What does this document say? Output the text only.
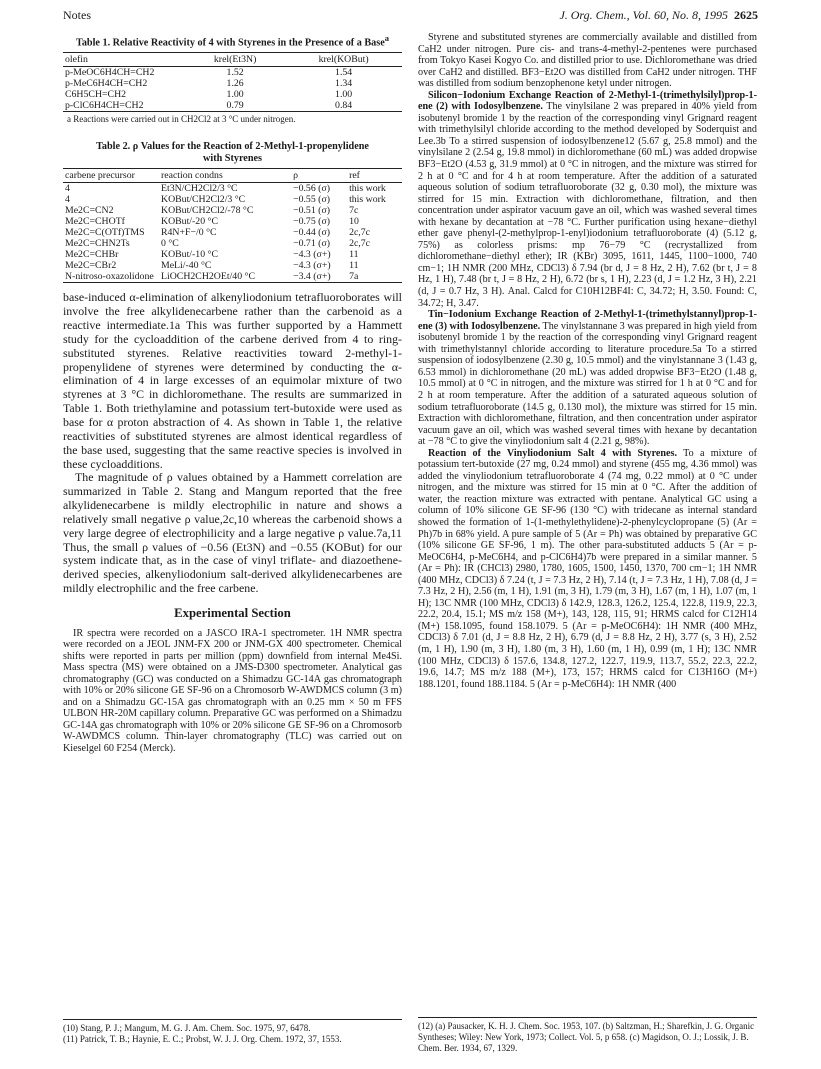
Notes	J. Org. Chem., Vol. 60, No. 8, 1995 2625
Table 1. Relative Reactivity of 4 with Styrenes in the Presence of a Base$^a$
olefin	krel(Et3N)	krel(KOBut)
p-MeOC6H4CH=CH2	1.52	1.54
p-MeC6H4CH=CH2	1.26	1.34
C6H5CH=CH2	1.00	1.00
p-ClC6H4CH=CH2	0.79	0.84
a Reactions were carried out in CH2Cl2 at 3 °C under nitrogen.
Table 2. ρ Values for the Reaction of 2-Methyl-1-propenylidene with Styrenes
carbene precursor	reaction condns	ρ	ref
4	Et3N/CH2Cl2/3 °C	−0.56 (σ)	this work
4	KOBut/CH2Cl2/3 °C	−0.55 (σ)	this work
Me2C=CN2	KOBut/CH2Cl2/-78 °C	−0.51 (σ)	7c
Me2C=CHOTf	KOBut/-20 °C	−0.75 (σ)	10
Me2C=C(OTf)TMS	R4N+F−/0 °C	−0.44 (σ)	2c,7c
Me2C=CHN2Ts	0 °C	−0.71 (σ)	2c,7c
Me2C=CHBr	KOBut/-10 °C	−4.3 (σ+)	11
Me2C=CBr2	MeLi/-40 °C	−4.3 (σ+)	11
N-nitroso-oxazolidone	LiOCH2CH2OEt/40 °C	−3.4 (σ+)	7a

base-induced α-elimination of alkenyliodonium tetrafluoroborates will involve the free alkylidenecarbene rather than the carbenoid as a reactive intermediate.1a This was further supported by a Hammett study for the cycloaddition of the carbene derived from 4 to ring-substituted styrenes. Relative reactivities toward 2-methyl-1-propenylidene of styrenes were determined by conducting the α-elimination of 4 in large excesses of an equimolar mixture of two styrenes at 3 °C in dichloromethane. The results are summarized in Table 1. Both triethylamine and potassium tert-butoxide were used as base for α proton abstraction of 4. As shown in Table 1, the relative reactivities of substituted styrenes are almost identical regardless of the base used, suggesting that the same reactive species is involved in these cycloadditions.

The magnitude of ρ values obtained by a Hammett correlation are summarized in Table 2. Stang and Mangum reported that the free alkylidenecarbene is mildly electrophilic in nature and shows a relatively small negative ρ value,2c,10 whereas the carbenoid shows a very large degree of electrophilicity and a large negative ρ value.7a,11 Thus, the small ρ values of −0.56 (Et3N) and −0.55 (KOBut) for our system indicate that, as in the case of vinyl triflate- and diazoethene-derived species, alkenyliodonium salt-derived alkylidenecarbenes are mildly electrophilic and the free carbene.

Experimental Section

IR spectra were recorded on a JASCO IRA-1 spectrometer. 1H NMR spectra were recorded on a JEOL JNM-FX 200 or JNM-GX 400 spectrometer. Chemical shifts were reported in parts per million (ppm) downfield from internal Me4Si. Mass spectra (MS) were obtained on a JMS-D300 spectrometer. Analytical gas chromatography (GC) was conducted on a Shimadzu GC-14A gas chromatograph with 10% or 20% silicone GE SF-96 on a Chromosorb W-AWDMCS column (3 m) and on a Shimadzu GC-15A gas chromatograph with an 0.25 mm × 50 m FFS ULBON HR-20M capillary column. Preparative GC was performed on a Shimadzu GC-14A gas chromatograph with 10% or 20% silicone GE SF-96 on a Chromosorb W-AWDMCS column. Thin-layer chromatography (TLC) was carried out on Kieselgel 60 F254 (Merck).

(10) Stang, P. J.; Mangum, M. G. J. Am. Chem. Soc. 1975, 97, 6478.
(11) Patrick, T. B.; Haynie, E. C.; Probst, W. J. J. Org. Chem. 1972, 37, 1553.

Styrene and substituted styrenes are commercially available and distilled from CaH2 under nitrogen. Pure cis- and trans-4-methyl-2-pentenes were purchased from Tokyo Kasei Kogyo Co. and distilled prior to use. Dichloromethane was dried over CaH2 and distilled. BF3−Et2O was distilled from CaH2 under nitrogen. THF was distilled from sodium benzophenone ketyl under nitrogen.

Silicon−Iodonium Exchange Reaction of 2-Methyl-1-(trimethylsilyl)prop-1-ene (2) with Iodosylbenzene. The vinylsilane 2 was prepared in 40% yield from isobutenyl bromide 1 by the reaction of the corresponding vinyl Grignard reagent with trimethylsilyl chloride according to the method developed by Soderquist and Lee.3b To a stirred suspension of iodosylbenzene12 (5.67 g, 25.8 mmol) and the vinylsilane 2 (2.54 g, 19.8 mmol) in dichloromethane (60 mL) was added dropwise BF3−Et2O (4.53 g, 31.9 mmol) at 0 °C in nitrogen, and the mixture was stirred for 2 h at 0 °C and for 4 h at room temperature. After the addition of a saturated aqueous solution of sodium tetrafluoroborate (32 g, 0.30 mol), the mixture was stirred for 15 min. Extraction with dichloromethane, filtration, and then concentration under aspirator vacuum gave an oil, which was washed several times with hexane by decantation at −78 °C. Further purification using hexane−diethyl ether gave phenyl-(2-methylprop-1-enyl)iodonium tetrafluoroborate (4) (5.12 g, 75%) as colorless prisms: mp 76−79 °C (recrystallized from dichloromethane−diethyl ether); IR (KBr) 3095, 1611, 1445, 1100−1000, 740 cm−1; 1H NMR (200 MHz, CDCl3) δ 7.94 (br d, J = 8 Hz, 2 H), 7.62 (br t, J = 8 Hz, 1 H), 7.48 (br t, J = 8 Hz, 2 H), 6.72 (br s, 1 H), 2.23 (d, J = 1.2 Hz, 3 H), 2.21 (d, J = 0.7 Hz, 3 H). Anal. Calcd for C10H12BF4I: C, 34.72; H, 3.50. Found: C, 34.72; H, 3.47.

Tin−Iodonium Exchange Reaction of 2-Methyl-1-(trimethylstannyl)prop-1-ene (3) with Iodosylbenzene. The vinylstannane 3 was prepared in high yield from isobutenyl bromide 1 by the reaction of the corresponding vinyl Grignard reagent with trimethylstannyl chloride according to literature procedure.5a To a stirred suspension of iodosylbenzene (2.30 g, 10.5 mmol) and the vinylstannane 3 (1.43 g, 6.53 mmol) in dichloromethane (20 mL) was added dropwise BF3−Et2O (1.48 g, 10.5 mmol) at 0 °C in nitrogen, and the mixture was stirred for 1 h at 0 °C and for 2 h at room temperature. After the addition of a saturated aqueous solution of sodium tetrafluoroborate (14.5 g, 0.130 mol), the mixture was stirred for 15 min. Extraction with dichloromethane, filtration, and then concentration under aspirator vacuum gave an oil, which was washed several times with hexane by decantation at −78 °C to give the vinyliodonium salt 4 (2.21 g, 98%).

Reaction of the Vinyliodonium Salt 4 with Styrenes. To a mixture of potassium tert-butoxide (27 mg, 0.24 mmol) and styrene (455 mg, 4.36 mmol) was added the vinyliodonium tetrafluoroborate 4 (74 mg, 0.22 mmol) at 0 °C under nitrogen, and the mixture was stirred for 15 min at 0 °C. After the addition of water, the reaction mixture was extracted with pentane. Analytical GC using a column of 10% silicone GE SF-96 (130 °C) with tridecane as internal standard showed the formation of 1-(1-methylethylidene)-2-phenylcyclopropane (5) (Ar = Ph)7b in 68% yield. A pure sample of 5 (Ar = Ph) was obtained by preparative GC (10% silicone GE SF-96, 1 m). The other para-substituted adducts 5 (Ar = p-MeOC6H4, p-MeC6H4, and p-ClC6H4)7b were prepared in a similar manner. 5 (Ar = Ph): IR (CHCl3) 2980, 1780, 1605, 1500, 1450, 1370, 700 cm−1; 1H NMR (400 MHz, CDCl3) δ 7.24 (t, J = 7.3 Hz, 2 H), 7.14 (t, J = 7.3 Hz, 1 H), 7.08 (d, J = 7.3 Hz, 2 H), 2.56 (m, 1 H), 1.91 (m, 3 H), 1.79 (m, 3 H), 1.67 (m, 1 H), 1.07 (m, 1 H); 13C NMR (100 MHz, CDCl3) δ 142.9, 128.3, 126.2, 125.4, 122.8, 119.9, 22.3, 22.2, 20.4, 15.1; MS m/z 158 (M+), 143, 128, 115, 91; HRMS calcd for C12H14 (M+) 158.1095, found 158.1079. 5 (Ar = p-MeOC6H4): 1H NMR (400 MHz, CDCl3) δ 7.01 (d, J = 8.8 Hz, 2 H), 6.79 (d, J = 8.8 Hz, 2 H), 3.77 (s, 3 H), 2.52 (m, 1 H), 1.90 (m, 3 H), 1.80 (m, 3 H), 1.60 (m, 1 H), 0.99 (m, 1 H); 13C NMR (100 MHz, CDCl3) δ 157.6, 134.8, 127.2, 122.7, 119.9, 113.7, 55.2, 22.3, 22.2, 19.6, 14.7; MS m/z 188 (M+), 173, 157; HRMS calcd for C13H16O (M+) 188.1201, found 188.1184. 5 (Ar = p-MeC6H4): 1H NMR (400

(12) (a) Pausacker, K. H. J. Chem. Soc. 1953, 107. (b) Saltzman, H.; Sharefkin, J. G. Organic Syntheses; Wiley: New York, 1973; Collect. Vol. 5, p 658. (c) Magidson, O. J.; Lossik, J. B. Chem. Ber. 1934, 67, 1329.
